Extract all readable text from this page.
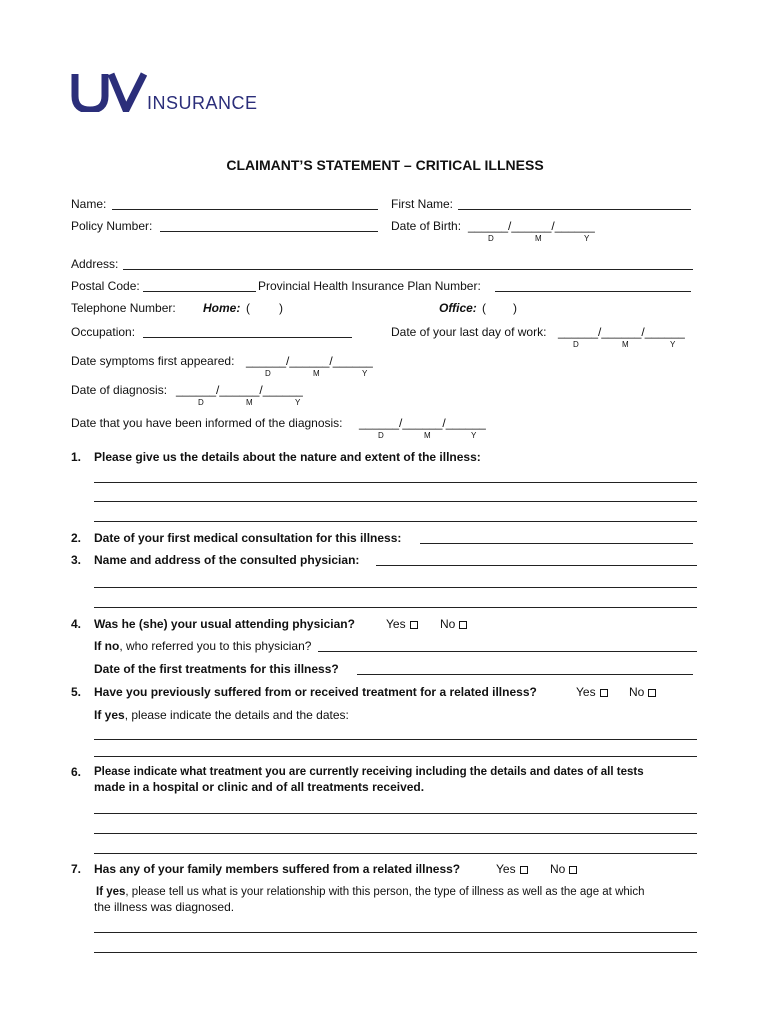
INSURANCE
CLAIMANT’S STATEMENT – CRITICAL ILLNESS
Name:	First Name:
Policy Number:	Date of Birth: ______/______/______
D	M	Y
Address:
Postal Code:	Provincial Health Insurance Plan Number:
Telephone Number: Home: ( )	Office: ( )
Occupation:	Date of your last day of work: ______/______/______
D	M	Y
Date symptoms first appeared: ______/______/______
D	M	Y
Date of diagnosis: ______/______/______
D	M	Y
Date that you have been informed of the diagnosis: ______/______/______
D	M	Y
1. Please give us the details about the nature and extent of the illness:
2. Date of your first medical consultation for this illness:
3. Name and address of the consulted physician:
4. Was he (she) your usual attending physician?	Yes	No
If no, who referred you to this physician?
Date of the first treatments for this illness?
5. Have you previously suffered from or received treatment for a related illness?	Yes	No
If yes, please indicate the details and the dates:
6. Please indicate what treatment you are currently receiving including the details and dates of all tests
made in a hospital or clinic and of all treatments received.
7. Has any of your family members suffered from a related illness?	Yes	No
If yes, please tell us what is your relationship with this person, the type of illness as well as the age at which
the illness was diagnosed.
